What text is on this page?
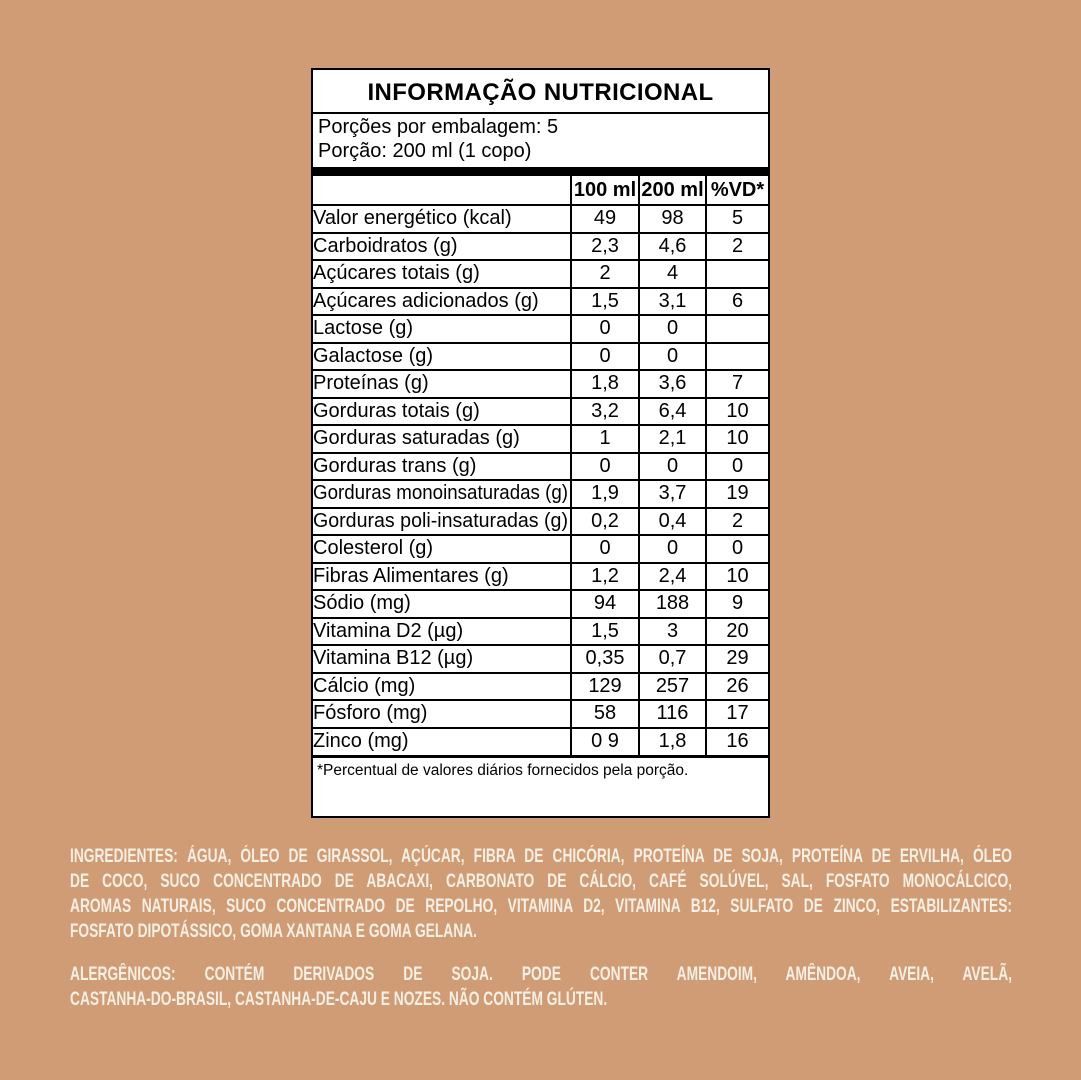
INFORMAÇÃO NUTRICIONAL
Porções por embalagem: 5
Porção: 200 ml (1 copo)
	100 ml	200 ml	%VD*
Valor energético (kcal)	49	98	5
Carboidratos (g)	2,3	4,6	2
Açúcares totais (g)	2	4	
Açúcares adicionados (g)	1,5	3,1	6
Lactose (g)	0	0	
Galactose (g)	0	0	
Proteínas (g)	1,8	3,6	7
Gorduras totais (g)	3,2	6,4	10
Gorduras saturadas (g)	1	2,1	10
Gorduras trans (g)	0	0	0
Gorduras monoinsaturadas (g)	1,9	3,7	19
Gorduras poli-insaturadas (g)	0,2	0,4	2
Colesterol (g)	0	0	0
Fibras Alimentares (g)	1,2	2,4	10
Sódio (mg)	94	188	9
Vitamina D2 (µg)	1,5	3	20
Vitamina B12 (µg)	0,35	0,7	29
Cálcio (mg)	129	257	26
Fósforo (mg)	58	116	17
Zinco (mg)	0 9	1,8	16
*Percentual de valores diários fornecidos pela porção.
INGREDIENTES: ÁGUA, ÓLEO DE GIRASSOL, AÇÚCAR, FIBRA DE CHICÓRIA, PROTEÍNA DE SOJA, PROTEÍNA DE ERVILHA, ÓLEO
DE COCO, SUCO CONCENTRADO DE ABACAXI, CARBONATO DE CÁLCIO, CAFÉ SOLÚVEL, SAL, FOSFATO MONOCÁLCICO,
AROMAS NATURAIS, SUCO CONCENTRADO DE REPOLHO, VITAMINA D2, VITAMINA B12, SULFATO DE ZINCO, ESTABILIZANTES:
FOSFATO DIPOTÁSSICO, GOMA XANTANA E GOMA GELANA.
ALERGÊNICOS: CONTÉM DERIVADOS DE SOJA. PODE CONTER AMENDOIM, AMÊNDOA, AVEIA, AVELÃ,
CASTANHA-DO-BRASIL, CASTANHA-DE-CAJU E NOZES. NÃO CONTÉM GLÚTEN.
